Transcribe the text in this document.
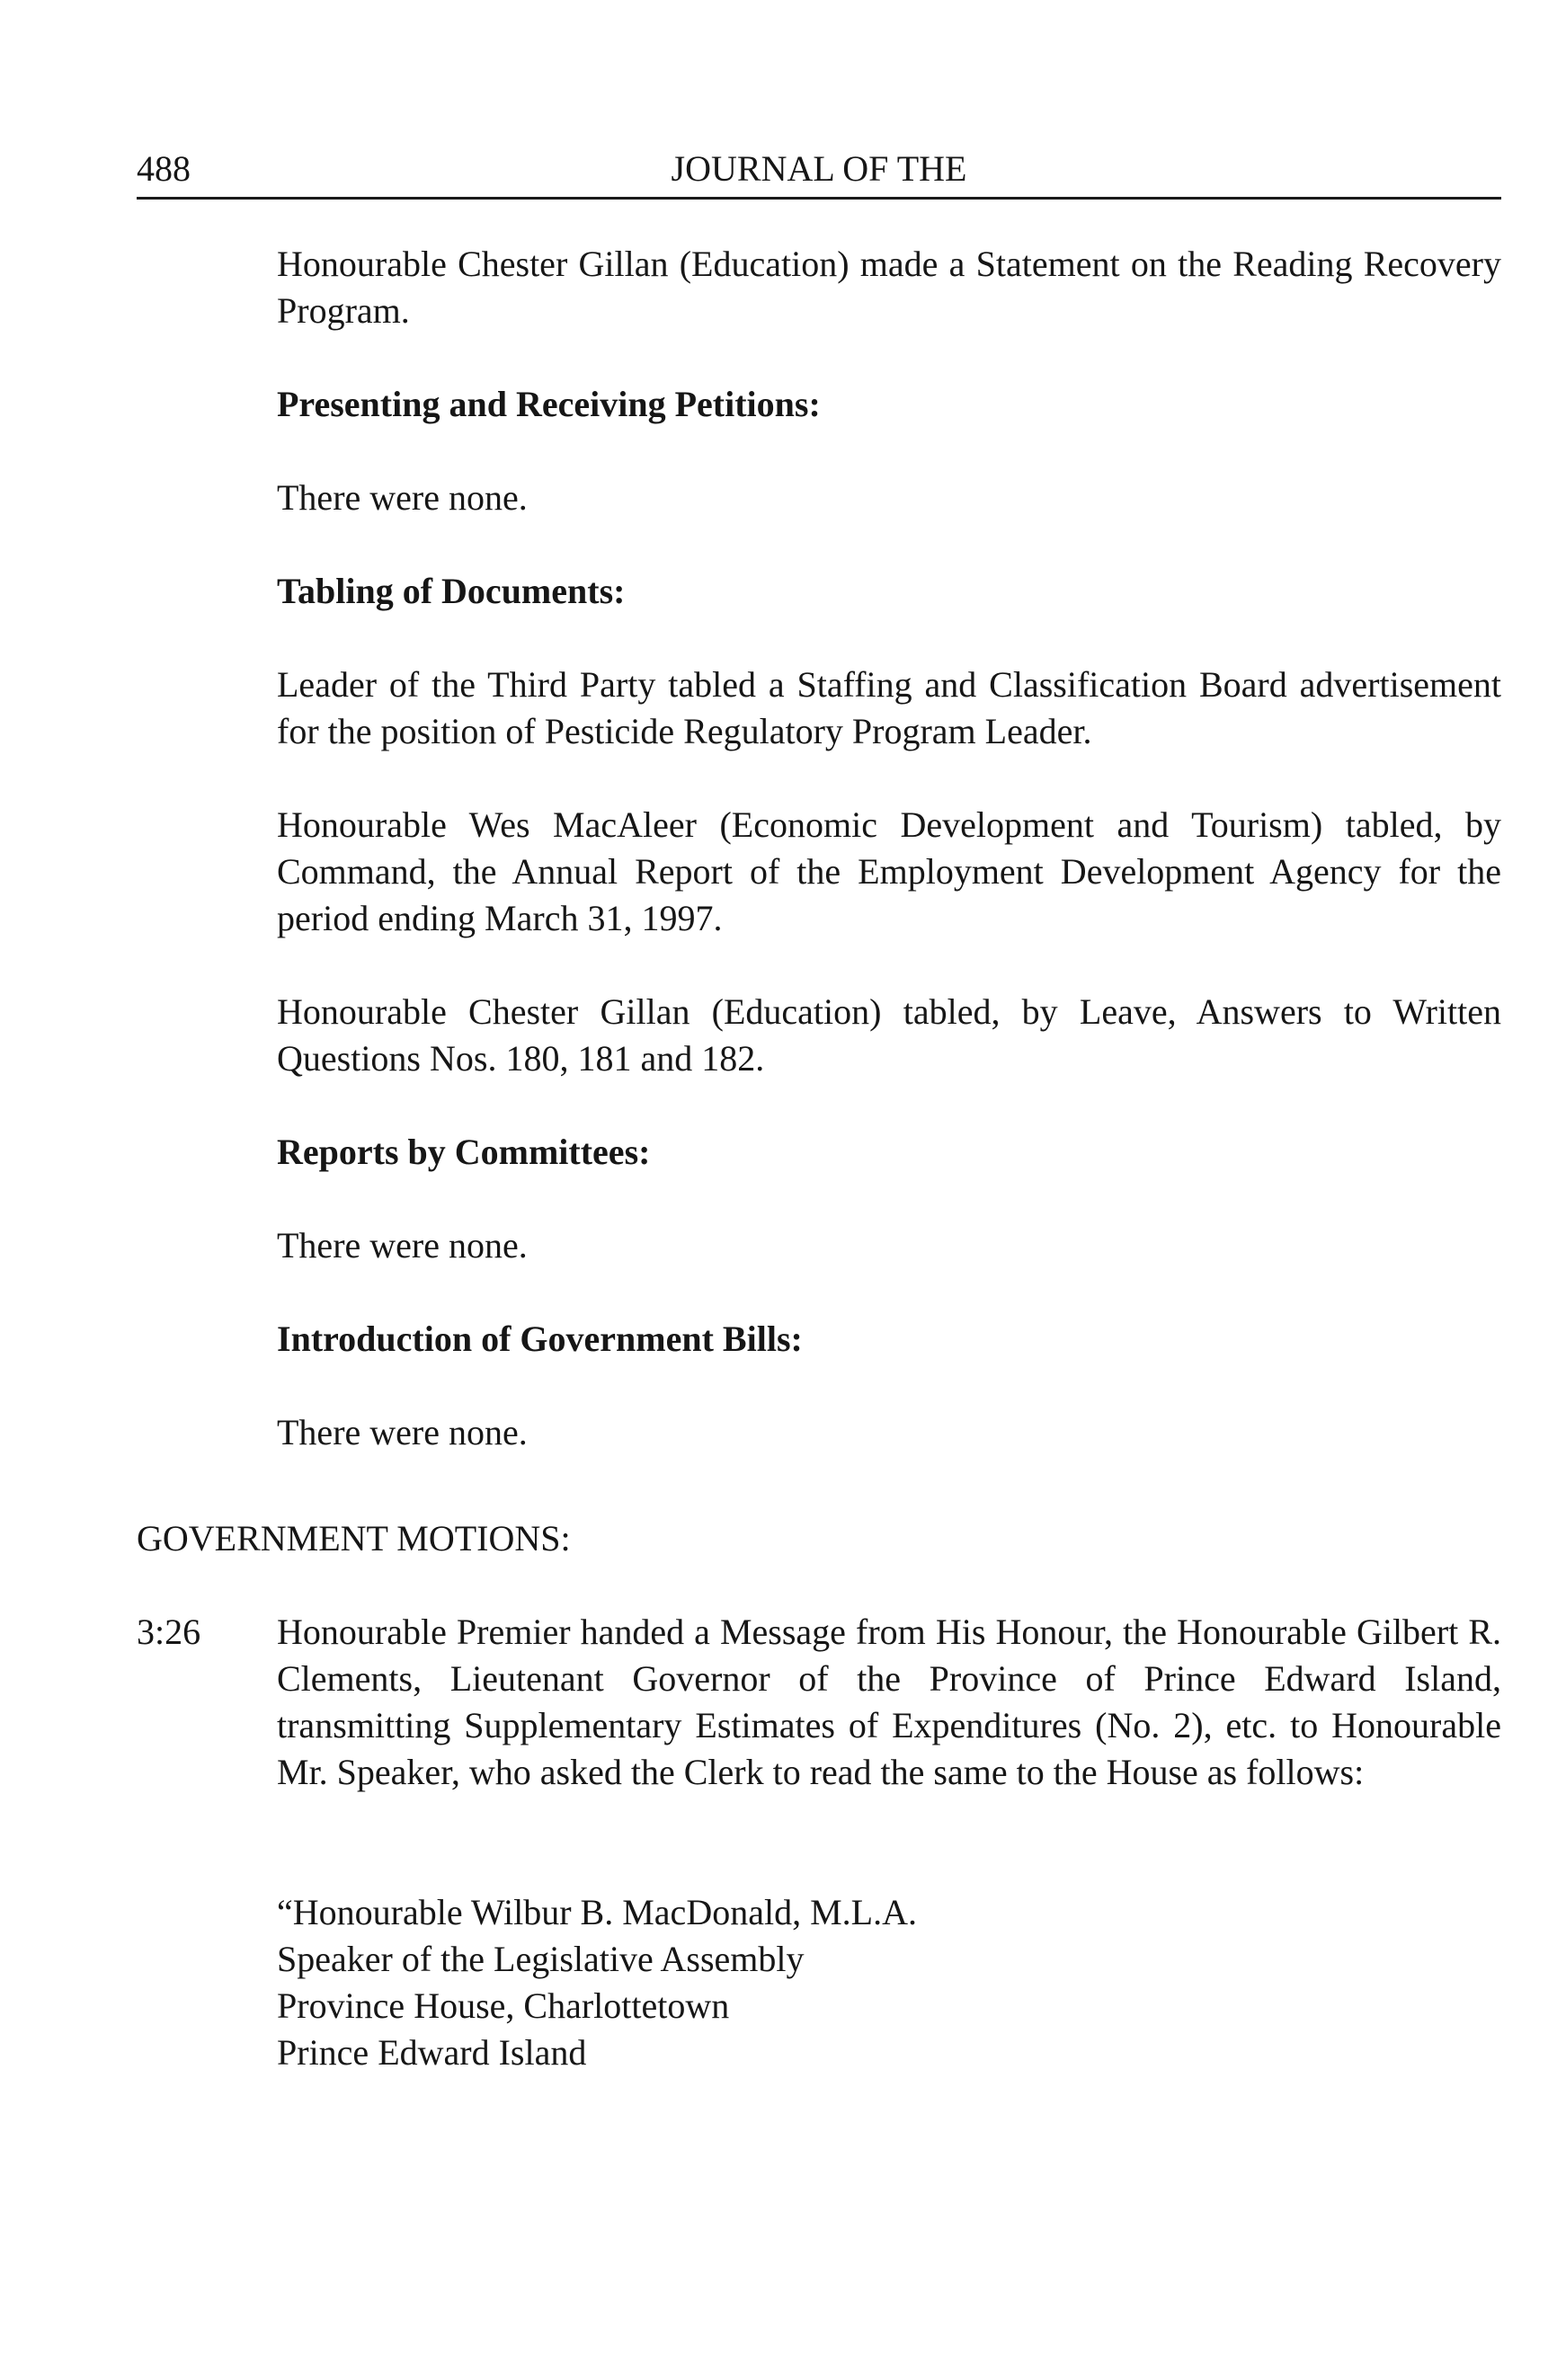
488	JOURNAL OF THE

Honourable Chester Gillan (Education) made a Statement on the Reading Recovery Program.

Presenting and Receiving Petitions:

There were none.

Tabling of Documents:

Leader of the Third Party tabled a Staffing and Classification Board advertisement for the position of Pesticide Regulatory Program Leader.

Honourable Wes MacAleer (Economic Development and Tourism) tabled, by Command, the Annual Report of the Employment Development Agency for the period ending March 31, 1997.

Honourable Chester Gillan (Education) tabled, by Leave, Answers to Written Questions Nos. 180, 181 and 182.

Reports by Committees:

There were none.

Introduction of Government Bills:

There were none.

GOVERNMENT MOTIONS:

3:26 Honourable Premier handed a Message from His Honour, the Honourable Gilbert R. Clements, Lieutenant Governor of the Province of Prince Edward Island, transmitting Supplementary Estimates of Expenditures (No. 2), etc. to Honourable Mr. Speaker, who asked the Clerk to read the same to the House as follows:
“Honourable Wilbur B. MacDonald, M.L.A.
Speaker of the Legislative Assembly
Province House, Charlottetown
Prince Edward Island
